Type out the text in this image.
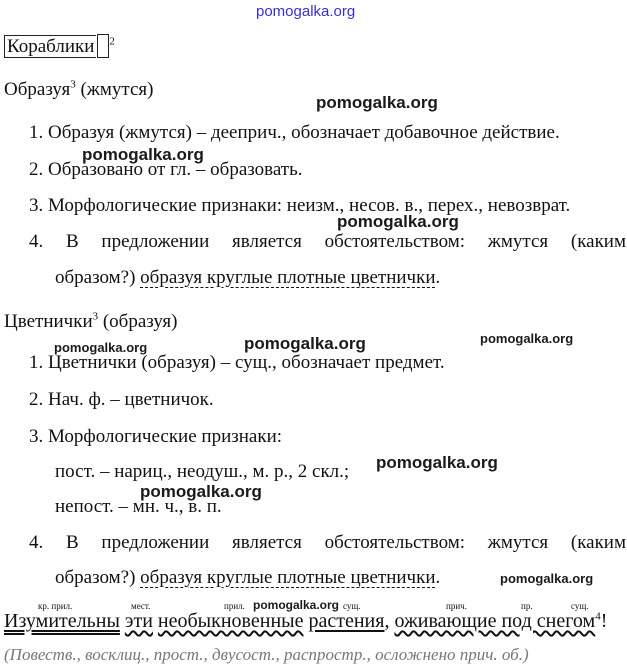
pomogalka.org
Кораблики $^2$
Образуя$^3$ (жмутся)
pomogalka.org
1. Образуя (жмутся) – дееприч., обозначает добавочное действие.
2. Образовано от гл. – образовать.
pomogalka.org
3. Морфологические признаки: неизм., несов. в., перех., невозврат.
pomogalka.org
4. В предложении является обстоятельством: жмутся (каким
образом?) образуя круглые плотные цветнички.
Цветнички$^3$ (образуя)
pomogalka.org	pomogalka.org
pomogalka.org
1. Цветнички (образуя) – сущ., обозначает предмет.
2. Нач. ф. – цветничок.
3. Морфологические признаки:
пост. – нариц., неодуш., м. р., 2 скл.; pomogalka.org
pomogalka.org
непост. – мн. ч., в. п.
4. В предложении является обстоятельством: жмутся (каким
образом?) образуя круглые плотные цветнички.	pomogalka.org
кр. прил.	мест.	прил.	сущ.	прич.	пр.	сущ.
pomogalka.org
Изумительны эти необыкновенные растения, оживающие под снегом$^4$!
(Повеств., восклиц., прост., двусост., распростр., осложнено прич. об.)
